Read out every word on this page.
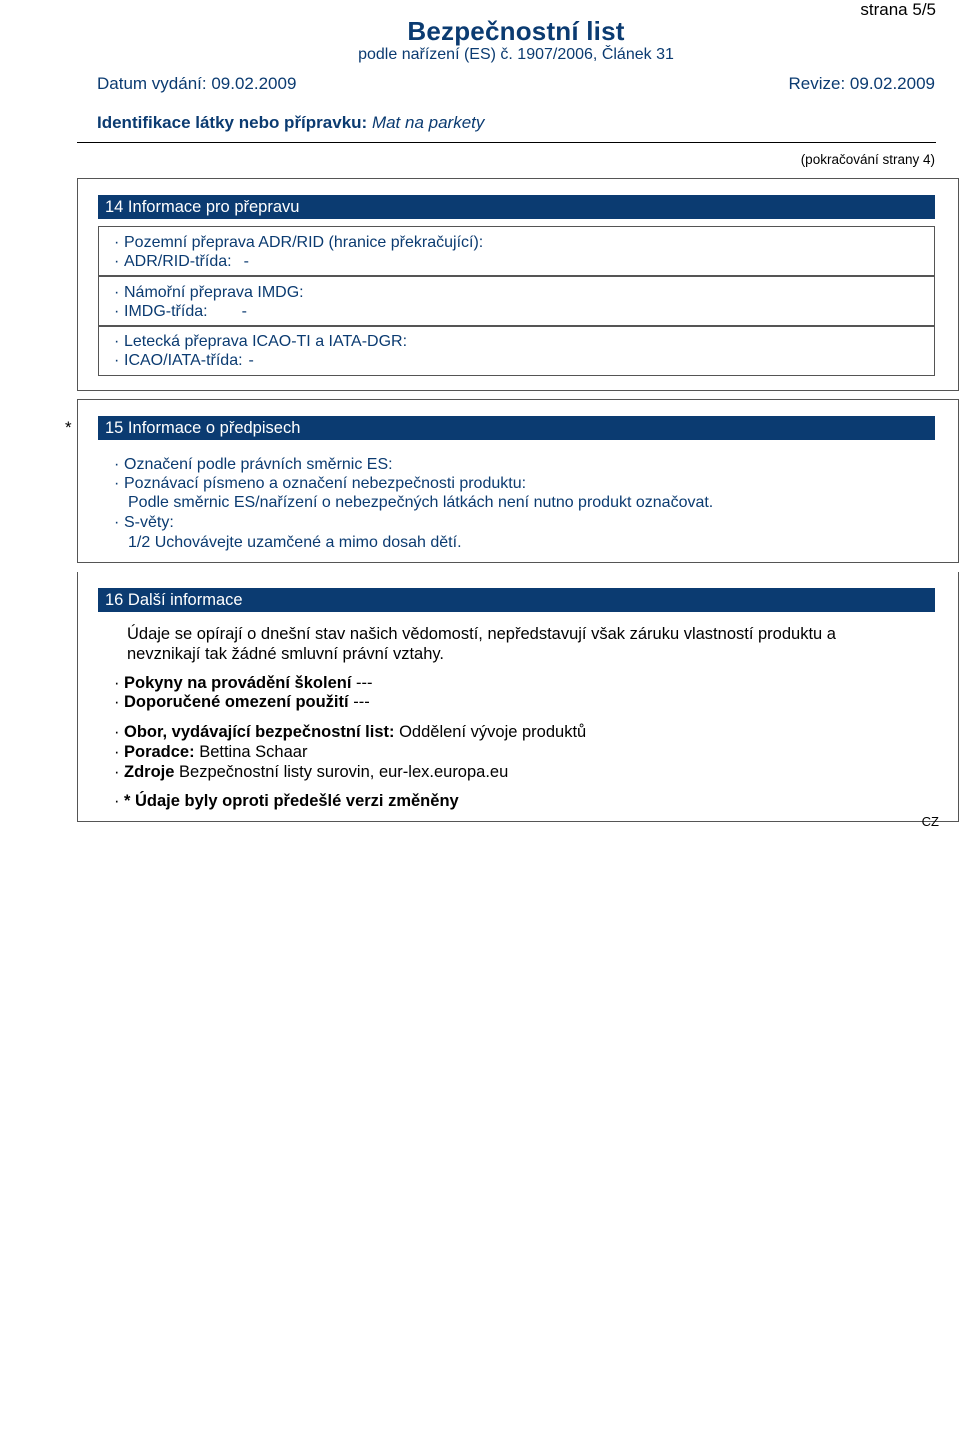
strana 5/5
Bezpečnostní list
podle nařízení (ES) č. 1907/2006, Článek 31
Datum vydání: 09.02.2009	Revize: 09.02.2009
Identifikace látky nebo přípravku: Mat na parkety
(pokračování strany 4)
14 Informace pro přepravu
· Pozemní přeprava ADR/RID (hranice překračující):
· ADR/RID-třída: -
· Námořní přeprava IMDG:
· IMDG-třída: -
· Letecká přeprava ICAO-TI a IATA-DGR:
· ICAO/IATA-třída: -
*	15 Informace o předpisech
· Označení podle právních směrnic ES:
· Poznávací písmeno a označení nebezpečnosti produktu:
Podle směrnic ES/nařízení o nebezpečných látkách není nutno produkt označovat.
· S-věty:
1/2 Uchovávejte uzamčené a mimo dosah dětí.
16 Další informace
Údaje se opírají o dnešní stav našich vědomostí, nepředstavují však záruku vlastností produktu a
nevznikají tak žádné smluvní právní vztahy.
· Pokyny na provádění školení ---
· Doporučené omezení použití ---
· Obor, vydávající bezpečnostní list: Oddělení vývoje produktů
· Poradce: Bettina Schaar
· Zdroje Bezpečnostní listy surovin, eur-lex.europa.eu
· * Údaje byly oproti předešlé verzi změněny
CZ
